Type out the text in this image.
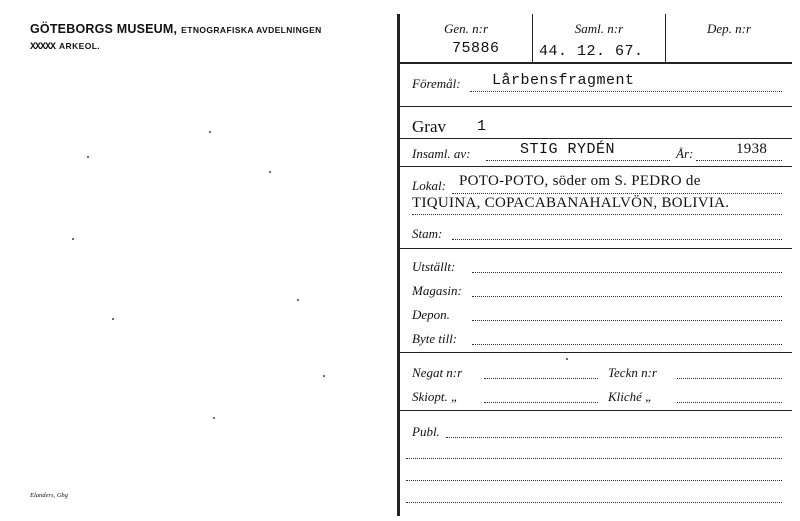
GÖTEBORGS MUSEUM, ETNOGRAFISKA AVDELNINGEN
XXXXX ARKEOL.
Elanders, Gbg
Gen. n:r
75886
Saml. n:r
44. 12. 67.
Dep. n:r
Föremål: Lårbensfragment
Grav 1
Insaml. av:	STIG RYDÉN	År:	1938
Lokal: POTO-POTO, söder om S. PEDRO de
TIQUINA, COPACABANAHALVÖN, BOLIVIA.
Stam:
Utställt:
Magasin:
Depon.
Byte till:
Negat n:r	Teckn n:r
Skiopt. „	Kliché „
Publ.
